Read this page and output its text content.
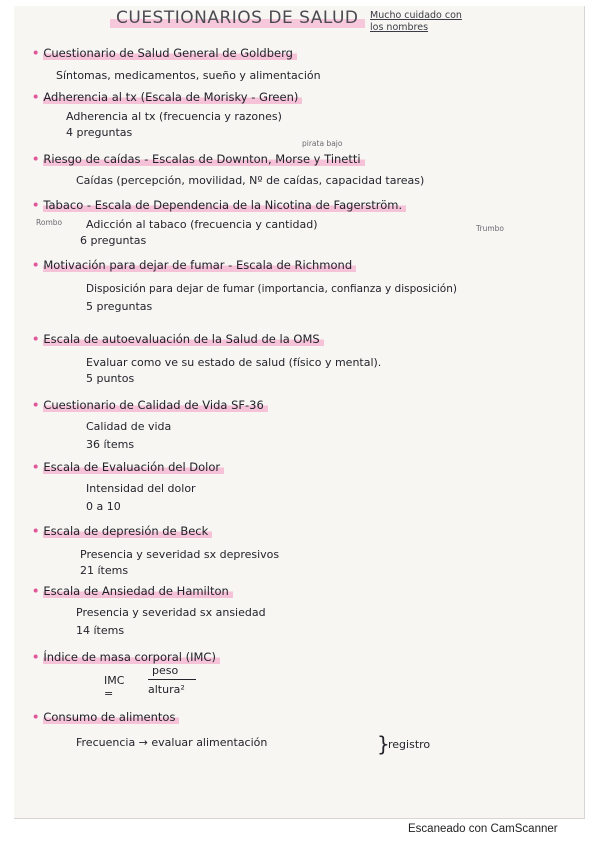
CUESTIONARIOS DE SALUD	Mucho cuidado con
los nombres
• Cuestionario de Salud General de Goldberg
Síntomas, medicamentos, sueño y alimentación
• Adherencia al tx (Escala de Morisky - Green)
Adherencia al tx (frecuencia y razones)
4 preguntas
pirata bajo
• Riesgo de caídas - Escalas de Downton, Morse y Tinetti
Caídas (percepción, movilidad, Nº de caídas, capacidad tareas)
• Tabaco - Escala de Dependencia de la Nicotina de Fagerström.
Rombo
Trumbo
Adicción al tabaco (frecuencia y cantidad)
6 preguntas
• Motivación para dejar de fumar - Escala de Richmond
Disposición para dejar de fumar (importancia, confianza y disposición)
5 preguntas
• Escala de autoevaluación de la Salud de la OMS
Evaluar como ve su estado de salud (físico y mental).
5 puntos
• Cuestionario de Calidad de Vida SF-36
Calidad de vida
36 ítems
• Escala de Evaluación del Dolor
Intensidad del dolor
0 a 10
• Escala de depresión de Beck
Presencia y severidad sx depresivos
21 ítems
• Escala de Ansiedad de Hamilton
Presencia y severidad sx ansiedad
14 ítems
• Índice de masa corporal (IMC)
IMC =
peso
altura²
• Consumo de alimentos
Frecuencia → evaluar alimentación	}
registro
Escaneado con CamScanner
